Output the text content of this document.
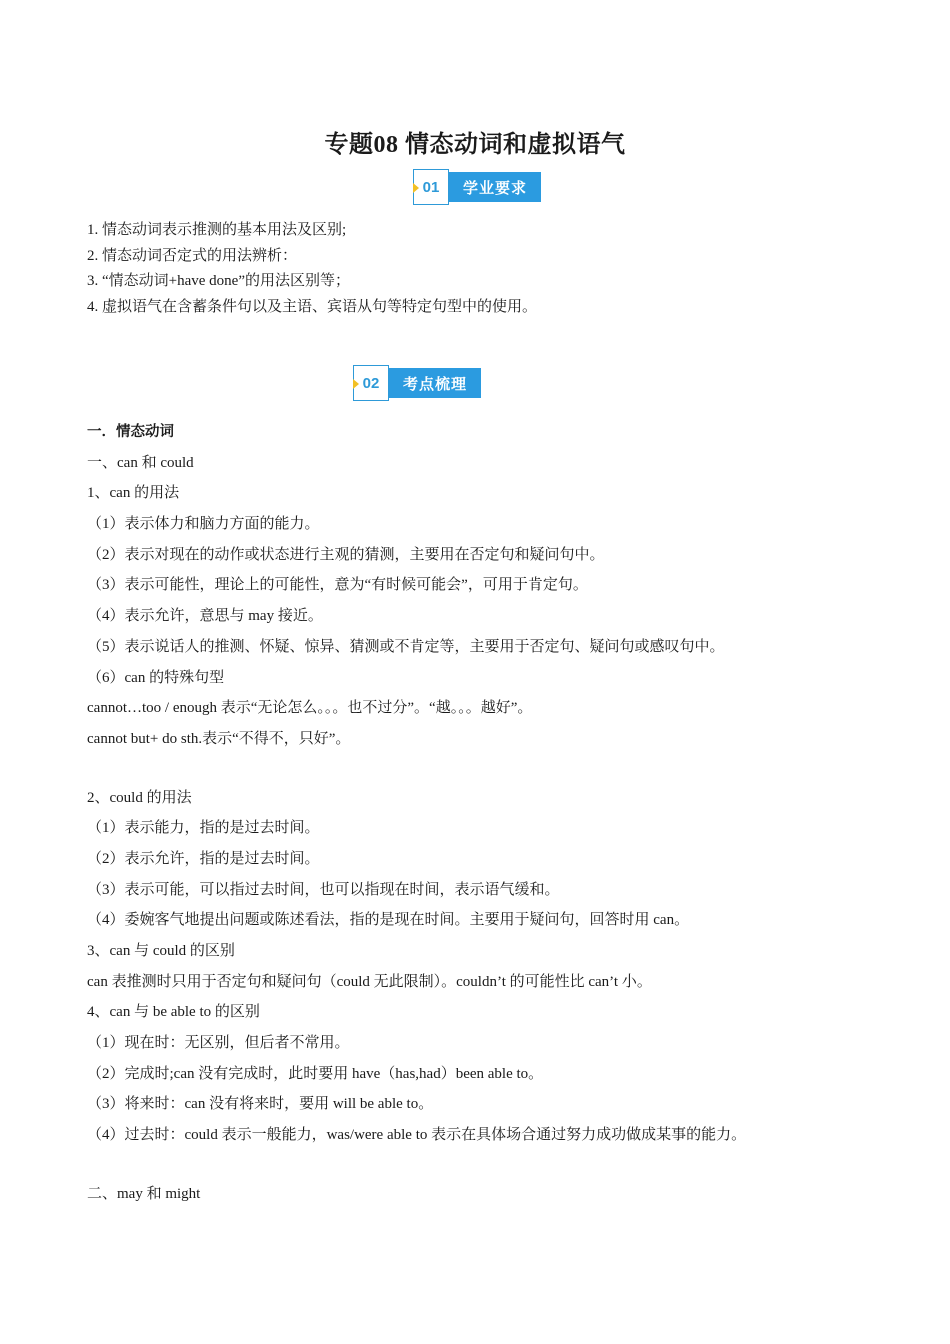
专题08 情态动词和虚拟语气
01	学业要求
1. 情态动词表示推测的基本用法及区别;
2. 情态动词否定式的用法辨析：
3. “情态动词+have done”的用法区别等；
4. 虚拟语气在含蓄条件句以及主语、宾语从句等特定句型中的使用。
02	考点梳理
一．情态动词
一、can 和 could
1、can 的用法
（1）表示体力和脑力方面的能力。
（2）表示对现在的动作或状态进行主观的猜测，主要用在否定句和疑问句中。
（3）表示可能性，理论上的可能性，意为“有时候可能会”，可用于肯定句。
（4）表示允许，意思与 may 接近。
（5）表示说话人的推测、怀疑、惊异、猜测或不肯定等，主要用于否定句、疑问句或感叹句中。
（6）can 的特殊句型
cannot…too / enough 表示“无论怎么。。。也不过分”。“越。。。越好”。
cannot but+ do sth.表示“不得不，只好”。
2、could 的用法
（1）表示能力，指的是过去时间。
（2）表示允许，指的是过去时间。
（3）表示可能，可以指过去时间，也可以指现在时间，表示语气缓和。
（4）委婉客气地提出问题或陈述看法，指的是现在时间。主要用于疑问句，回答时用 can。
3、can 与 could 的区别
can 表推测时只用于否定句和疑问句（could 无此限制）。couldn’t 的可能性比 can’t 小。
4、can 与 be able to 的区别
（1）现在时：无区别，但后者不常用。
（2）完成时;can 没有完成时，此时要用 have（has,had）been able to。
（3）将来时：can 没有将来时，要用 will be able to。
（4）过去时：could 表示一般能力，was/were able to 表示在具体场合通过努力成功做成某事的能力。
二、may 和 might
